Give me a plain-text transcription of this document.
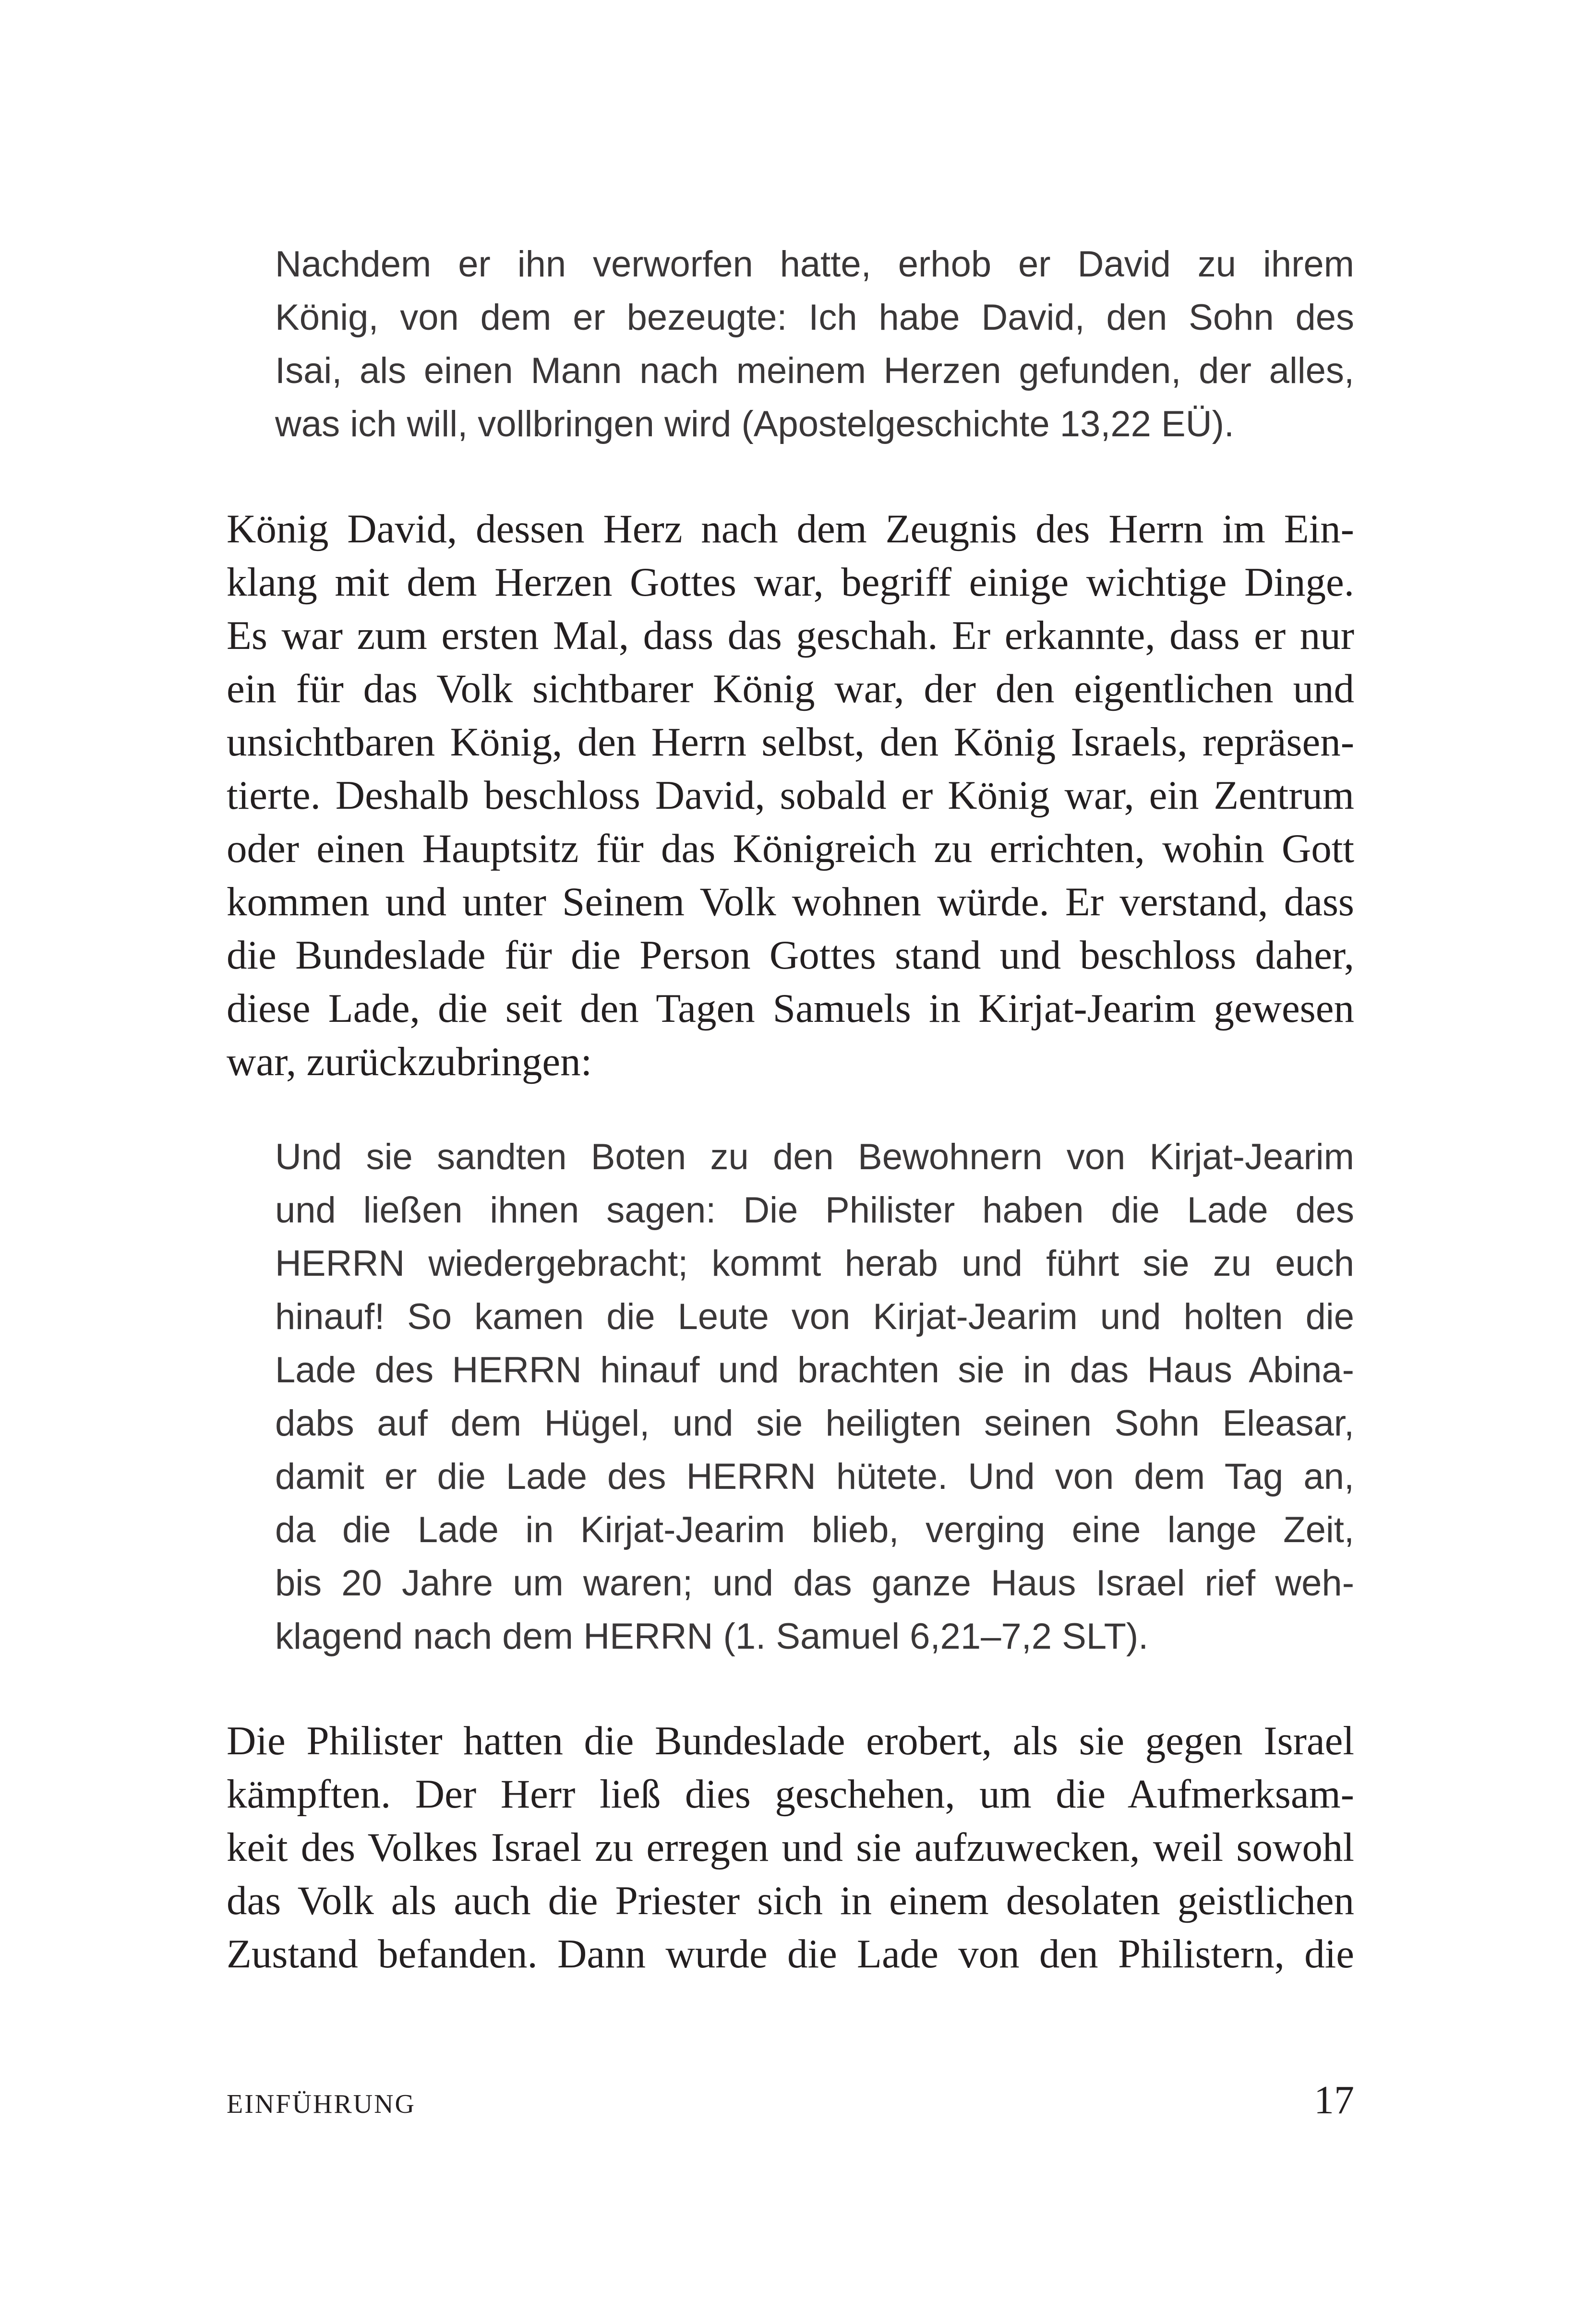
Nachdem er ihn verworfen hatte, erhob er David zu ihrem
König, von dem er bezeugte: Ich habe David, den Sohn des
Isai, als einen Mann nach meinem Herzen gefunden, der alles,
was ich will, vollbringen wird (Apostelgeschichte 13,22 EÜ).
König David, dessen Herz nach dem Zeugnis des Herrn im Ein-
klang mit dem Herzen Gottes war, begriff einige wichtige Dinge.
Es war zum ersten Mal, dass das geschah. Er erkannte, dass er nur
ein für das Volk sichtbarer König war, der den eigentlichen und
unsichtbaren König, den Herrn selbst, den König Israels, repräsen-
tierte. Deshalb beschloss David, sobald er König war, ein Zentrum
oder einen Hauptsitz für das Königreich zu errichten, wohin Gott
kommen und unter Seinem Volk wohnen würde. Er verstand, dass
die Bundeslade für die Person Gottes stand und beschloss daher,
diese Lade, die seit den Tagen Samuels in Kirjat-Jearim gewesen
war, zurückzubringen:
Und sie sandten Boten zu den Bewohnern von Kirjat-Jearim
und ließen ihnen sagen: Die Philister haben die Lade des
HERRN wiedergebracht; kommt herab und führt sie zu euch
hinauf! So kamen die Leute von Kirjat-Jearim und holten die
Lade des HERRN hinauf und brachten sie in das Haus Abina-
dabs auf dem Hügel, und sie heiligten seinen Sohn Eleasar,
damit er die Lade des HERRN hütete. Und von dem Tag an,
da die Lade in Kirjat-Jearim blieb, verging eine lange Zeit,
bis 20 Jahre um waren; und das ganze Haus Israel rief weh-
klagend nach dem HERRN (1. Samuel 6,21–7,2 SLT).
Die Philister hatten die Bundeslade erobert, als sie gegen Israel
kämpften. Der Herr ließ dies geschehen, um die Aufmerksam-
keit des Volkes Israel zu erregen und sie aufzuwecken, weil sowohl
das Volk als auch die Priester sich in einem desolaten geistlichen
Zustand befanden. Dann wurde die Lade von den Philistern, die
EINFÜHRUNG	17
